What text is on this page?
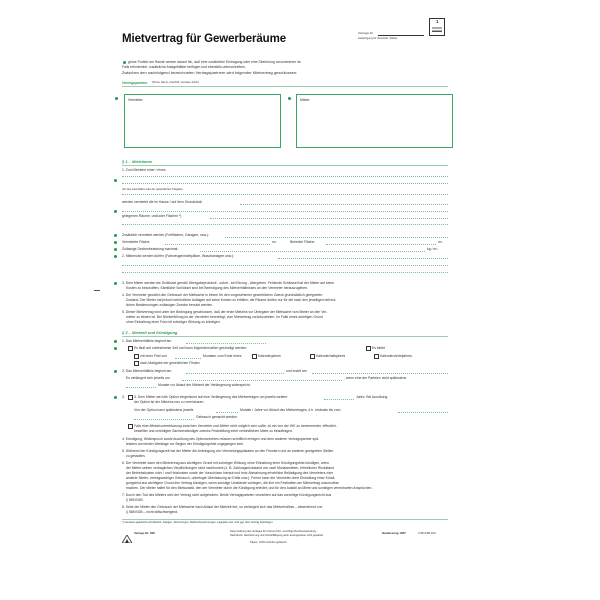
Vertrags-Nr.
Ausfertigung für Vermieter / Mieter
1
Mietvertrag für Gewerberäume
grüne Punkte am Rande weisen darauf hin, daß eine zusätzliche Eintragung oder eine Streichung vorzunehmen ist.
Falls erforderlich, zusätzliche Anlageblätter beifügen und ebenfalls unterschreiben.
Zwischen den nachfolgend bezeichneten Vertragspartnern wird folgender Mietvertrag geschlossen:
Vertragspartner (Firma, Name, Anschrift, vertreten durch)
Vermieter:	Mieter:
§ 1 – Mieträume
1. Zum Betriebe einer / eines
(Art des Geschäftes oder der gewerblichen Tätigkeit)
werden vermietet die im Hause / auf dem Grundstück
gelegenen Räume, und/oder Flächen *)
Zusätzlich vermietet werden (Freiflächen, Garagen, usw.):
Vermietete Fläche:	m².	Beheizte Fläche:	m².
Zulässige Deckenbelastung maximal:	kg / m².
2. Mitbenutzt werden dürfen (Fahrzeugeinstellplätze, Waschanlagen usw.):
3. Dem Mieter werden die Schlüssel gemäß Übergabeprotokoll - sofort - bei Einzug - übergeben. Fehlende Schlüssel hat der Mieter auf seine
Kosten zu beschaffen. Sämtliche Schlüssel sind bei Beendigung des Mietverhältnisses an den Vermieter herauszugeben.
4. Der Vermieter gewährt den Gebrauch der Mietsache in einem für den vorgesehenen gewerblichen Zweck grundsätzlich geeigneten
Zustand. Der Mieter hat jedoch behördliche Auflagen auf seine Kosten zu erfüllen; die Räume dürfen nur für die nach den jeweiligen behörd-
lichen Bestimmungen zulässigen Zwecke benutzt werden.
5. Dieser Mietvertrag wird unter der Bedingung geschlossen, daß der erste Mietzins vor Übergabe der Mietsache vom Mieter an den Ver-
mieter zu leisten ist. Bei Nichterfüllung ist der Vermieter berechtigt, vom Mietvertrag zurückzutreten. Im Falle eines wichtigen Grund
ohne Einhaltung einer Frist mit sofortiger Wirkung zu kündigen.
§ 2 – Mietzeit und Kündigung
1. Das Mietverhältnis beginnt am
Es läuft auf unbestimmte Zeit und kann folgendermaßen gekündigt werden:	Es bleibt
mit einer Frist von	Monaten zum Ende eines	Kalenderjahres	Kalenderhalbjahres	Kalendervierteljahres.
nach Maßgabe der gesetzlichen Fristen.
2. Das Mietverhältnis beginnt am	und endet am
Es verlängert sich jeweils um	, wenn eine der Parteien nicht spätestens
Monate vor Ablauf der Mietzeit der Verlängerung widerspricht.
3.	3. Dem Mieter wird die Option eingeräumt auf eine Verlängerung des Mietvertrages um jeweils weitere	Jahre. Bei Ausübung
der Option ist der Mietzins neu zu vereinbaren.
Von der Option kann spätestens jeweils	Monate / Jahre vor Ablauf des Mietvertrages, d.h. erstmals bis zum
Gebrauch gemacht werden.
Falls eine Mietzinsvereinbarung zwischen Vermieter und Mieter nicht möglich sein sollte, ist ein von der IHK zu benennender, öffentlich-
bestellter und vereidigter Sachverständiger zwecks Feststellung einer verbindlichen Miete zu beauftragen.
4. Kündigung, Widerspruch sowie Ausübung des Optionsrechtes müssen schriftlich erfolgen und dem anderen Vertragspartner spä-
testens am letzten Werktage vor Beginn der Kündigungsfrist zugegangen sein.
5. Während der Kündigungszeit hat der Mieter die Anbringung von Vermietungsplakaten an den Fenstern und an anderen geeigneten Stellen
zu gestatten.
6. Der Vermieter kann den Mietvertrag aus wichtigem Grund mit sofortiger Wirkung ohne Einhaltung einer Kündigungsfrist kündigen, wenn
der Mieter seinen vertraglichen Verpflichtungen nicht nachkommt (z. B. Zahlungsrückstand von zwei Monatsmieten, erheblicher Rückstand
der Betriebskosten oder / und Heizkosten sowie der Vorschüsse hierauf und trotz Abmahnung erhebliche Belästigung des Vermieters oder
anderer Mieter, vertragswidriger Gebrauch, unbefugte Überlassung an Dritte usw.). Ferner kann der Vermieter ohne Einhaltung einer Kündi-
gungsfrist aus wichtigem Grund den Vertrag kündigen, wenn sonstige Umstände vorliegen, die ihm ein Festhalten am Mietvertrag unzumutbar
machen. Der Mieter haftet für den Mietausfall, den der Vermieter durch die Kündigung erleidet, und für den Ausfall an Miete und sonstigen vereinbarten Ansprüchen.
7. Durch den Tod des Mieters wird der Vertrag nicht aufgehoben. Beide Vertragsparteien verzichten auf das vorzeitige Kündigungsrecht aus
§ 569 BGB.
8. Setzt der Mieter den Gebrauch der Mietsache nach Ablauf der Mietzeit fort, so verlängert sich das Mietverhältnis – abweichend von
§ 568 BGB – nicht stillschweigend.
*) Genaue Lageskizze erforderlich, Anlagen, Zeichnungen, Flächenberechnungen, Lageplan usw. sind ggf. dem Vertrag beizufügen.
Keine Haftung des Verlages für Irrtümer bzw. unrichtige Rechtsanwendung.
Nachdruck, Nachahmung und Vervielfältigung auch auszugsweise nicht gestattet.
Verlags-Nr. 598	Neufassung 1997	2.98 ASB 100
Papier: 100% chlorfrei gebleicht
